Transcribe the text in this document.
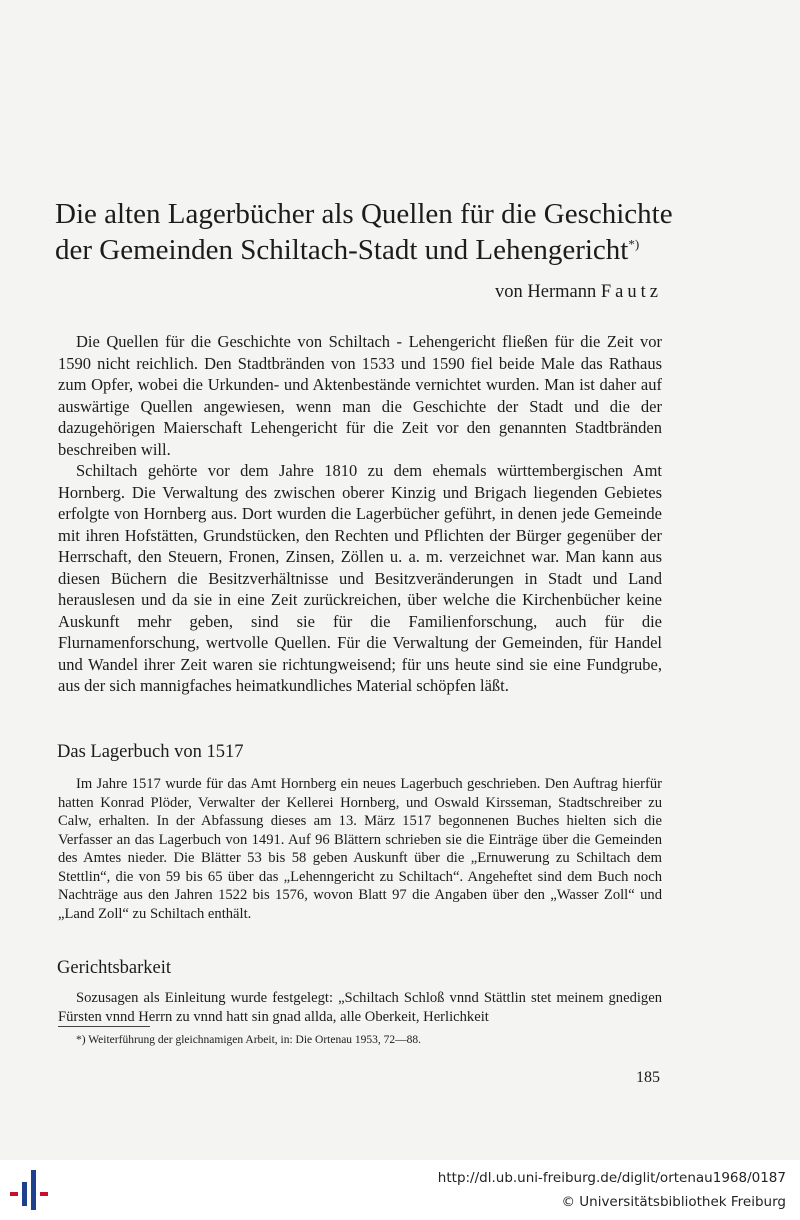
Die alten Lagerbücher als Quellen für die Geschichte
der Gemeinden Schiltach-Stadt und Lehengericht*)
von Hermann Fautz

Die Quellen für die Geschichte von Schiltach - Lehengericht fließen für die Zeit vor 1590 nicht reichlich. Den Stadtbränden von 1533 und 1590 fiel beide Male das Rathaus zum Opfer, wobei die Urkunden- und Aktenbestände vernichtet wurden. Man ist daher auf auswärtige Quellen angewiesen, wenn man die Geschichte der Stadt und die der dazugehörigen Maierschaft Lehengericht für die Zeit vor den genannten Stadtbränden beschreiben will.

Schiltach gehörte vor dem Jahre 1810 zu dem ehemals württembergischen Amt Hornberg. Die Verwaltung des zwischen oberer Kinzig und Brigach liegenden Gebietes erfolgte von Hornberg aus. Dort wurden die Lagerbücher geführt, in denen jede Gemeinde mit ihren Hofstätten, Grundstücken, den Rechten und Pflichten der Bürger gegenüber der Herrschaft, den Steuern, Fronen, Zinsen, Zöllen u. a. m. verzeichnet war. Man kann aus diesen Büchern die Besitzverhältnisse und Besitzveränderungen in Stadt und Land herauslesen und da sie in eine Zeit zurückreichen, über welche die Kirchenbücher keine Auskunft mehr geben, sind sie für die Familienforschung, auch für die Flurnamenforschung, wertvolle Quellen. Für die Verwaltung der Gemeinden, für Handel und Wandel ihrer Zeit waren sie richtungweisend; für uns heute sind sie eine Fundgrube, aus der sich mannigfaches heimatkundliches Material schöpfen läßt.

Das Lagerbuch von 1517

Im Jahre 1517 wurde für das Amt Hornberg ein neues Lagerbuch geschrieben. Den Auftrag hierfür hatten Konrad Plöder, Verwalter der Kellerei Hornberg, und Oswald Kirsseman, Stadtschreiber zu Calw, erhalten. In der Abfassung dieses am 13. März 1517 begonnenen Buches hielten sich die Verfasser an das Lagerbuch von 1491. Auf 96 Blättern schrieben sie die Einträge über die Gemeinden des Amtes nieder. Die Blätter 53 bis 58 geben Auskunft über die „Ernuwerung zu Schiltach dem Stettlin“, die von 59 bis 65 über das „Lehenngericht zu Schiltach“. Angeheftet sind dem Buch noch Nachträge aus den Jahren 1522 bis 1576, wovon Blatt 97 die Angaben über den „Wasser Zoll“ und „Land Zoll“ zu Schiltach enthält.

Gerichtsbarkeit

Sozusagen als Einleitung wurde festgelegt: „Schiltach Schloß vnnd Stättlin stet meinem gnedigen Fürsten vnnd Herrn zu vnnd hatt sin gnad allda, alle Oberkeit, Herlichkeit

*) Weiterführung der gleichnamigen Arbeit, in: Die Ortenau 1953, 72—88.
185
http://dl.ub.uni-freiburg.de/diglit/ortenau1968/0187
© Universitätsbibliothek Freiburg
